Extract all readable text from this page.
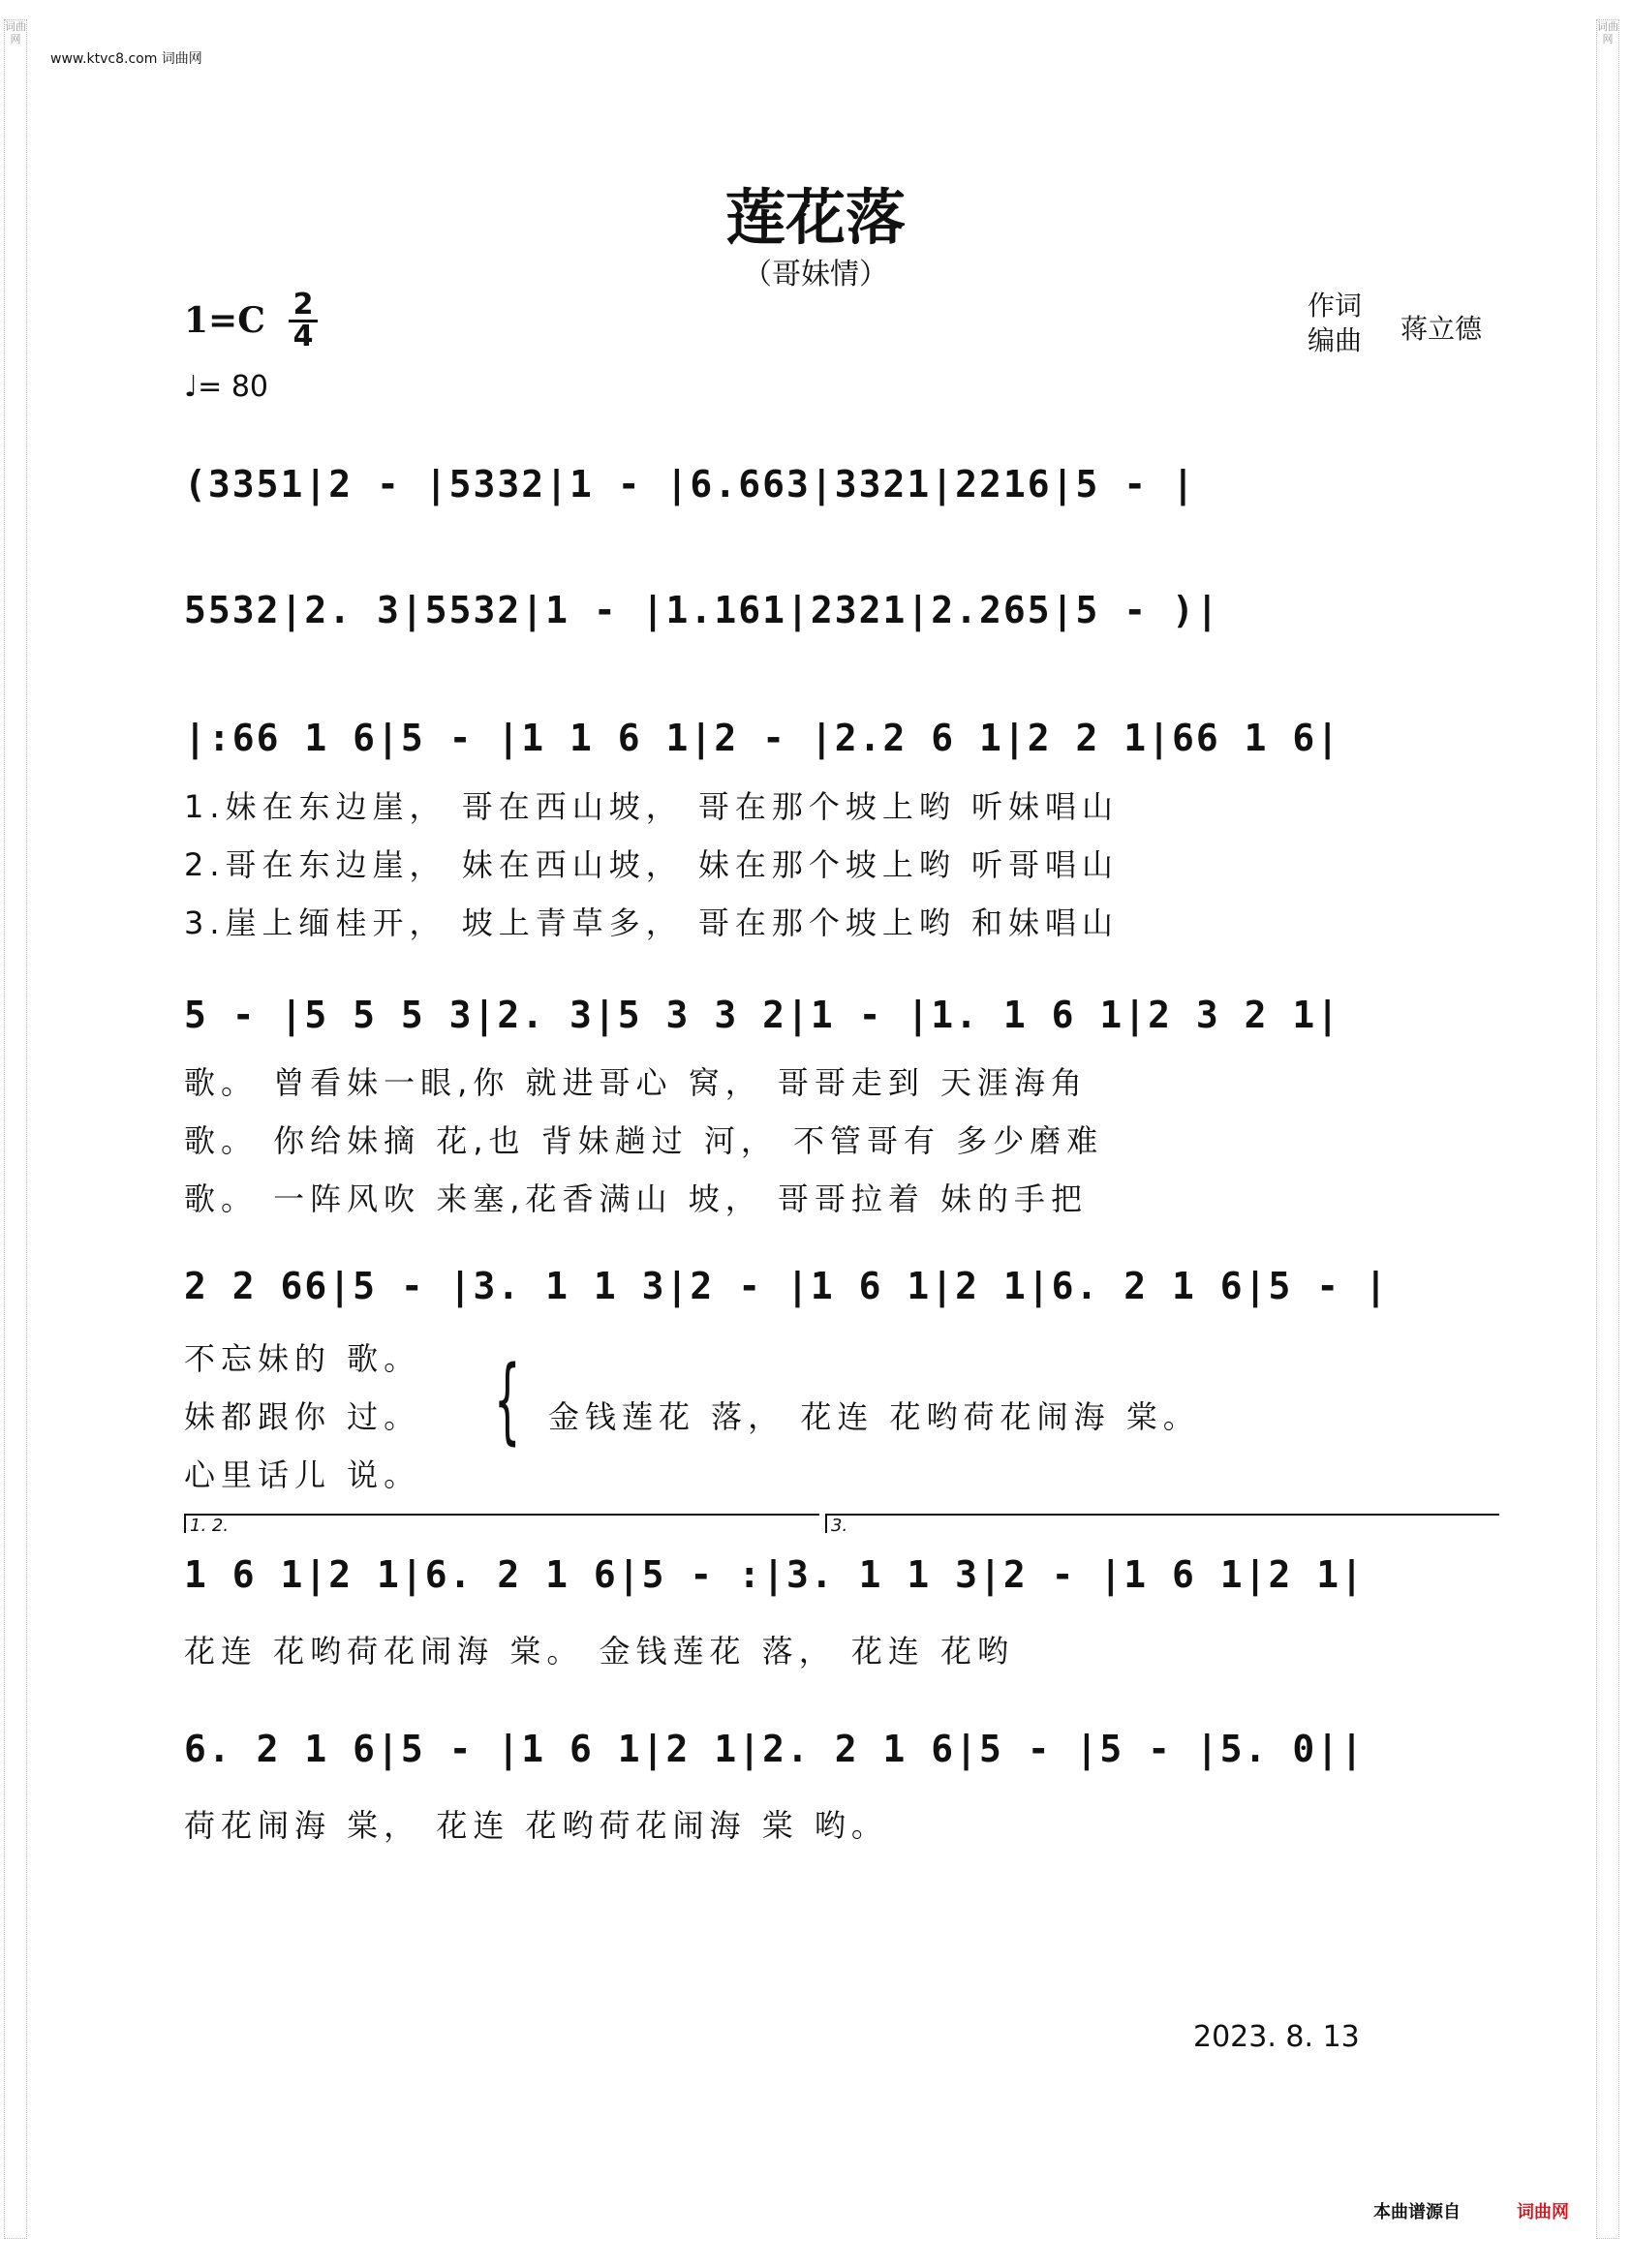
www.ktvc8.com 词曲网
词曲网
词曲网
莲花落
（哥妹情）
1=C 2
4
♩= 80
作词
编曲 蒋立德
(3351|2 - |5332|1 - |6.663|3321|2216|5 - |
5532|2. 3|5532|1 - |1.161|2321|2.265|5 - )|
|:66 1 6|5 - |1 1 6 1|2 - |2.2 6 1|2 2 1|66 1 6|
1.妹在东边崖， 哥在西山坡， 哥在那个坡上哟 听妹唱山
2.哥在东边崖， 妹在西山坡， 妹在那个坡上哟 听哥唱山
3.崖上缅桂开， 坡上青草多， 哥在那个坡上哟 和妹唱山
5 - |5 5 5 3|2. 3|5 3 3 2|1 - |1. 1 6 1|2 3 2 1|
歌。 曾看妹一眼,你 就进哥心 窝， 哥哥走到 天涯海角
歌。 你给妹摘 花,也 背妹趟过 河， 不管哥有 多少磨难
歌。 一阵风吹 来塞,花香满山 坡， 哥哥拉着 妹的手把
2 2 66|5 - |3. 1 1 3|2 - |1 6 1|2 1|6. 2 1 6|5 - |
不忘妹的 歌。
妹都跟你 过。
心里话儿 说。
{ 金钱莲花 落， 花连 花哟荷花闹海 棠。
1. 2.	3.
1 6 1|2 1|6. 2 1 6|5 - :|3. 1 1 3|2 - |1 6 1|2 1|
花连 花哟荷花闹海 棠。 金钱莲花 落， 花连 花哟
6. 2 1 6|5 - |1 6 1|2 1|2. 2 1 6|5 - |5 - |5. 0||
荷花闹海 棠， 花连 花哟荷花闹海 棠 哟。
2023. 8. 13
本曲谱源自	词曲网
